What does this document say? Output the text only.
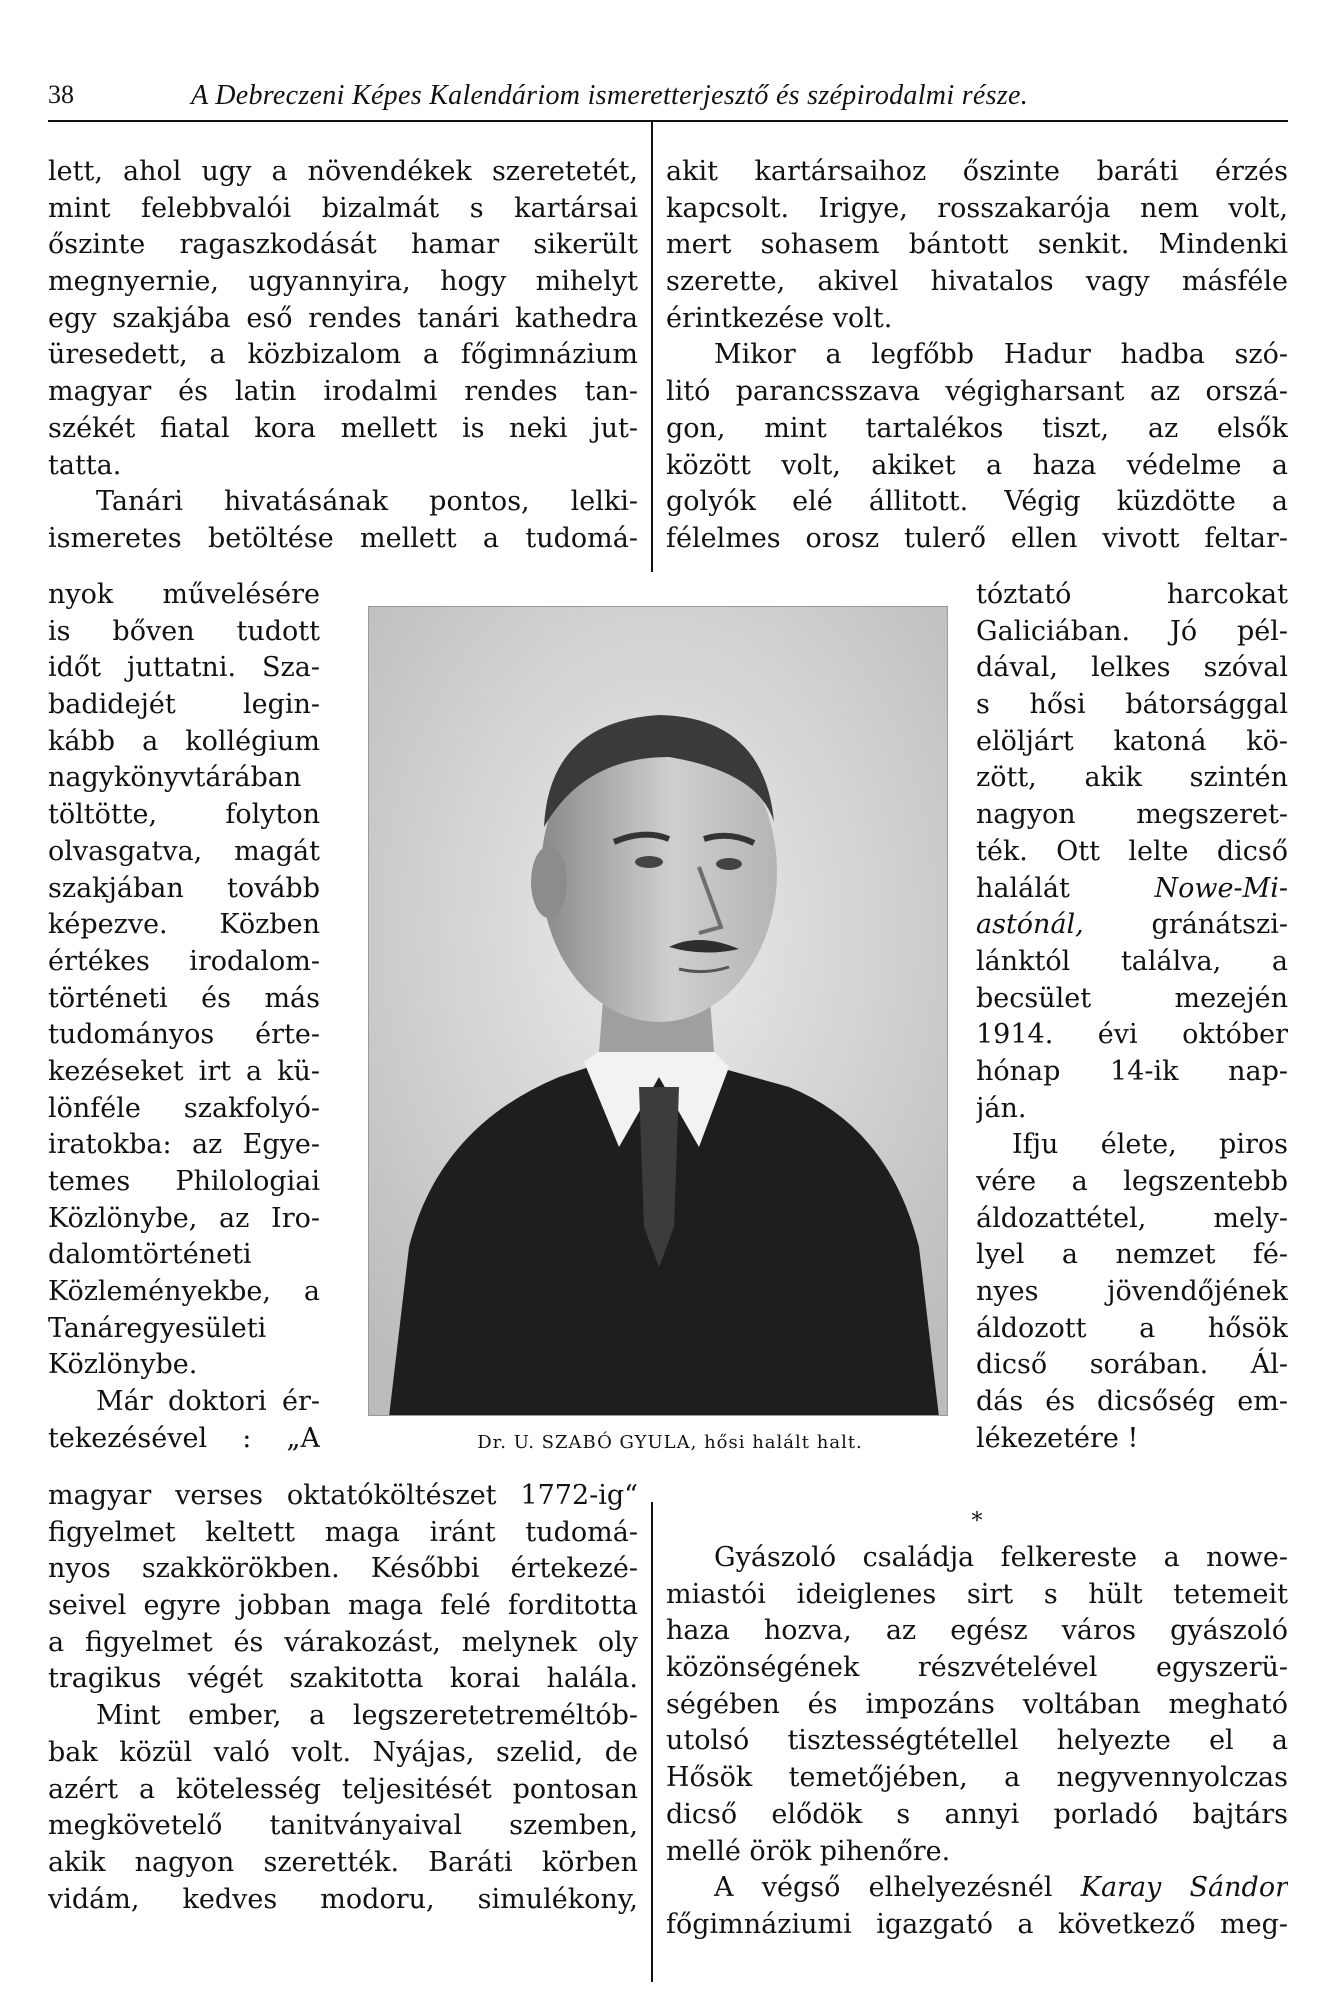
38	A Debreczeni Képes Kalendáriom ismeretterjesztő és szépirodalmi része.
lett, ahol ugy a növendékek szeretetét,
mint felebbvalói bizalmát s kartársai
őszinte ragaszkodását hamar sikerült
megnyernie, ugyannyira, hogy mihelyt
egy szakjába eső rendes tanári kathedra
üresedett, a közbizalom a főgimnázium
magyar és latin irodalmi rendes tan-
székét fiatal kora mellett is neki jut-
tatta.
Tanári hivatásának pontos, lelki-
ismeretes betöltése mellett a tudomá-
nyok művelésére
is bőven tudott
időt juttatni. Sza-
badidejét legin-
kább a kollégium
nagykönyvtárában
töltötte, folyton
olvasgatva, magát
szakjában tovább
képezve. Közben
értékes irodalom-
történeti és más
tudományos érte-
kezéseket irt a kü-
lönféle szakfolyó-
iratokba: az Egye-
temes Philologiai
Közlönybe, az Iro-
dalomtörténeti
Közleményekbe, a
Tanáregyesületi
Közlönybe.
Már doktori ér-
tekezésével : „A
magyar verses oktatóköltészet 1772-ig“
figyelmet keltett maga iránt tudomá-
nyos szakkörökben. Későbbi értekezé-
seivel egyre jobban maga felé forditotta
a figyelmet és várakozást, melynek oly
tragikus végét szakitotta korai halála.
Mint ember, a legszeretetreméltób-
bak közül való volt. Nyájas, szelid, de
azért a kötelesség teljesitését pontosan
megkövetelő tanitványaival szemben,
akik nagyon szerették. Baráti körben
vidám, kedves modoru, simulékony,
akit kartársaihoz őszinte baráti érzés
kapcsolt. Irigye, rosszakarója nem volt,
mert sohasem bántott senkit. Mindenki
szerette, akivel hivatalos vagy másféle
érintkezése volt.
Mikor a legfőbb Hadur hadba szó-
litó parancsszava végigharsant az orszá-
gon, mint tartalékos tiszt, az elsők
között volt, akiket a haza védelme a
golyók elé állitott. Végig küzdötte a
félelmes orosz tulerő ellen vivott feltar-
tóztató harcokat
Galiciában. Jó pél-
dával, lelkes szóval
s hősi bátorsággal
elöljárt katoná kö-
zött, akik szintén
nagyon megszeret-
ték. Ott lelte dicső
halálát	Nowe-Mi-
astónál,	gránátszi-
lánktól találva, a
becsület mezején
1914. évi október
hónap 14-ik nap-
ján.
Ifju élete, piros
vére a legszentebb
áldozattétel, mely-
lyel a nemzet fé-
nyes jövendőjének
áldozott a hősök
dicső sorában. Ál-
dás és dicsőség em-
lékezetére !
*
Gyászoló családja felkereste a nowe-
miastói ideiglenes sirt s hült tetemeit
haza hozva, az egész város gyászoló
közönségének részvételével egyszerü-
ségében és impozáns voltában megható
utolsó tisztességtétellel helyezte el a
Hősök temetőjében, a negyvennyolczas
dicső elődök s annyi porladó bajtárs
mellé örök pihenőre.
A végső elhelyezésnél Karay Sándor
főgimnáziumi igazgató a következő meg-
Dr. U. SZABÓ GYULA, hősi halált halt.
